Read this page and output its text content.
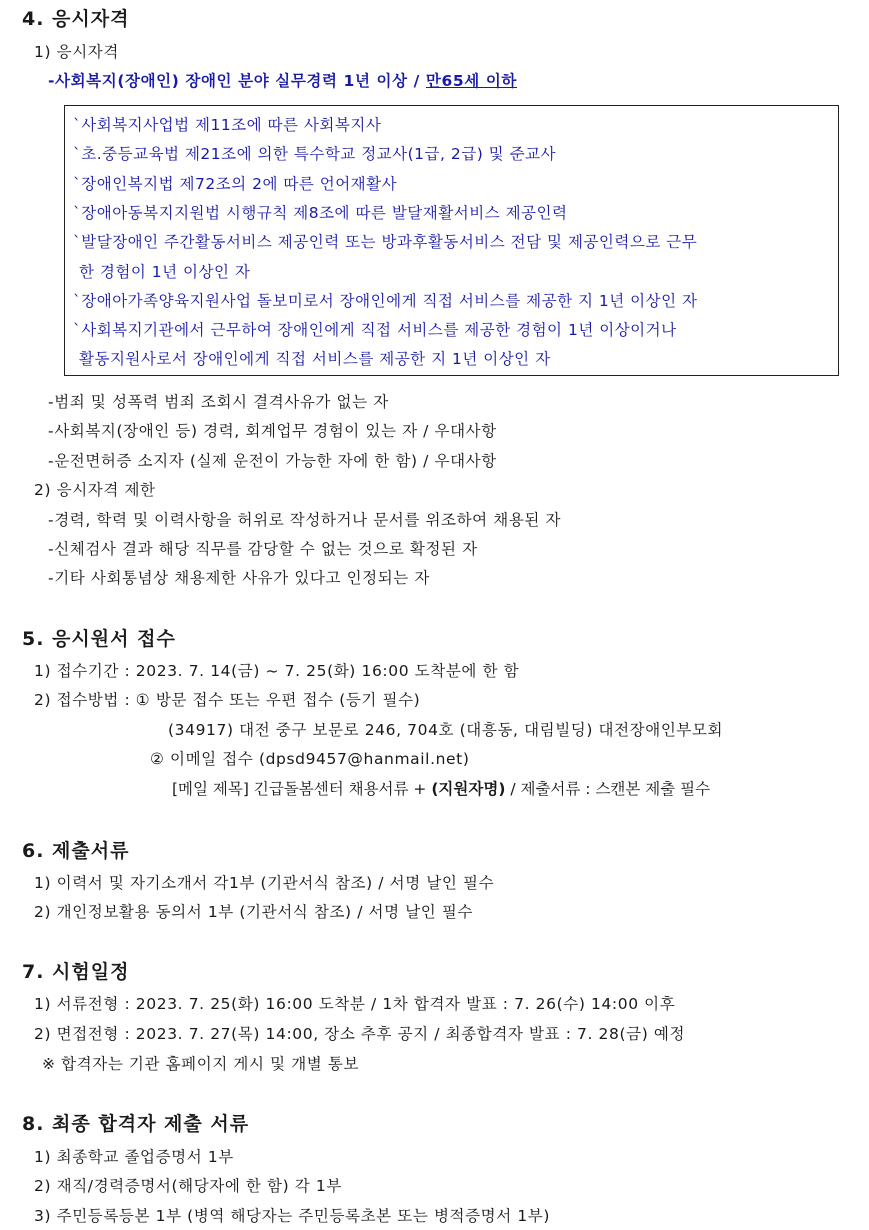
4. 응시자격
1) 응시자격
-사회복지(장애인) 장애인 분야 실무경력 1년 이상 / 만65세 이하
`사회복지사업법 제11조에 따른 사회복지사
`초.중등교육법 제21조에 의한 특수학교 정교사(1급, 2급) 및 준교사
`장애인복지법 제72조의 2에 따른 언어재활사
`장애아동복지지원법 시행규칙 제8조에 따른 발달재활서비스 제공인력
`발달장애인 주간활동서비스 제공인력 또는 방과후활동서비스 전담 및 제공인력으로 근무
한 경험이 1년 이상인 자
`장애아가족양육지원사업 돌보미로서 장애인에게 직접 서비스를 제공한 지 1년 이상인 자
`사회복지기관에서 근무하여 장애인에게 직접 서비스를 제공한 경험이 1년 이상이거나
활동지원사로서 장애인에게 직접 서비스를 제공한 지 1년 이상인 자
-범죄 및 성폭력 범죄 조회시 결격사유가 없는 자
-사회복지(장애인 등) 경력, 회계업무 경험이 있는 자 / 우대사항
-운전면허증 소지자 (실제 운전이 가능한 자에 한 함) / 우대사항
2) 응시자격 제한
-경력, 학력 및 이력사항을 허위로 작성하거나 문서를 위조하여 채용된 자
-신체검사 결과 해당 직무를 감당할 수 없는 것으로 확정된 자
-기타 사회통념상 채용제한 사유가 있다고 인정되는 자
5. 응시원서 접수
1) 접수기간 : 2023. 7. 14(금) ~ 7. 25(화) 16:00 도착분에 한 함
2) 접수방법 : ① 방문 접수 또는 우편 접수 (등기 필수)
(34917) 대전 중구 보문로 246, 704호 (대흥동, 대림빌딩) 대전장애인부모회
② 이메일 접수 (dpsd9457@hanmail.net)
[메일 제목] 긴급돌봄센터 채용서류 + (지원자명) / 제출서류 : 스캔본 제출 필수
6. 제출서류
1) 이력서 및 자기소개서 각1부 (기관서식 참조) / 서명 날인 필수
2) 개인정보활용 동의서 1부 (기관서식 참조) / 서명 날인 필수
7. 시험일정
1) 서류전형 : 2023. 7. 25(화) 16:00 도착분 / 1차 합격자 발표 : 7. 26(수) 14:00 이후
2) 면접전형 : 2023. 7. 27(목) 14:00, 장소 추후 공지 / 최종합격자 발표 : 7. 28(금) 예정
※ 합격자는 기관 홈페이지 게시 및 개별 통보
8. 최종 합격자 제출 서류
1) 최종학교 졸업증명서 1부
2) 재직/경력증명서(해당자에 한 함) 각 1부
3) 주민등록등본 1부 (병역 해당자는 주민등록초본 또는 병적증명서 1부)
